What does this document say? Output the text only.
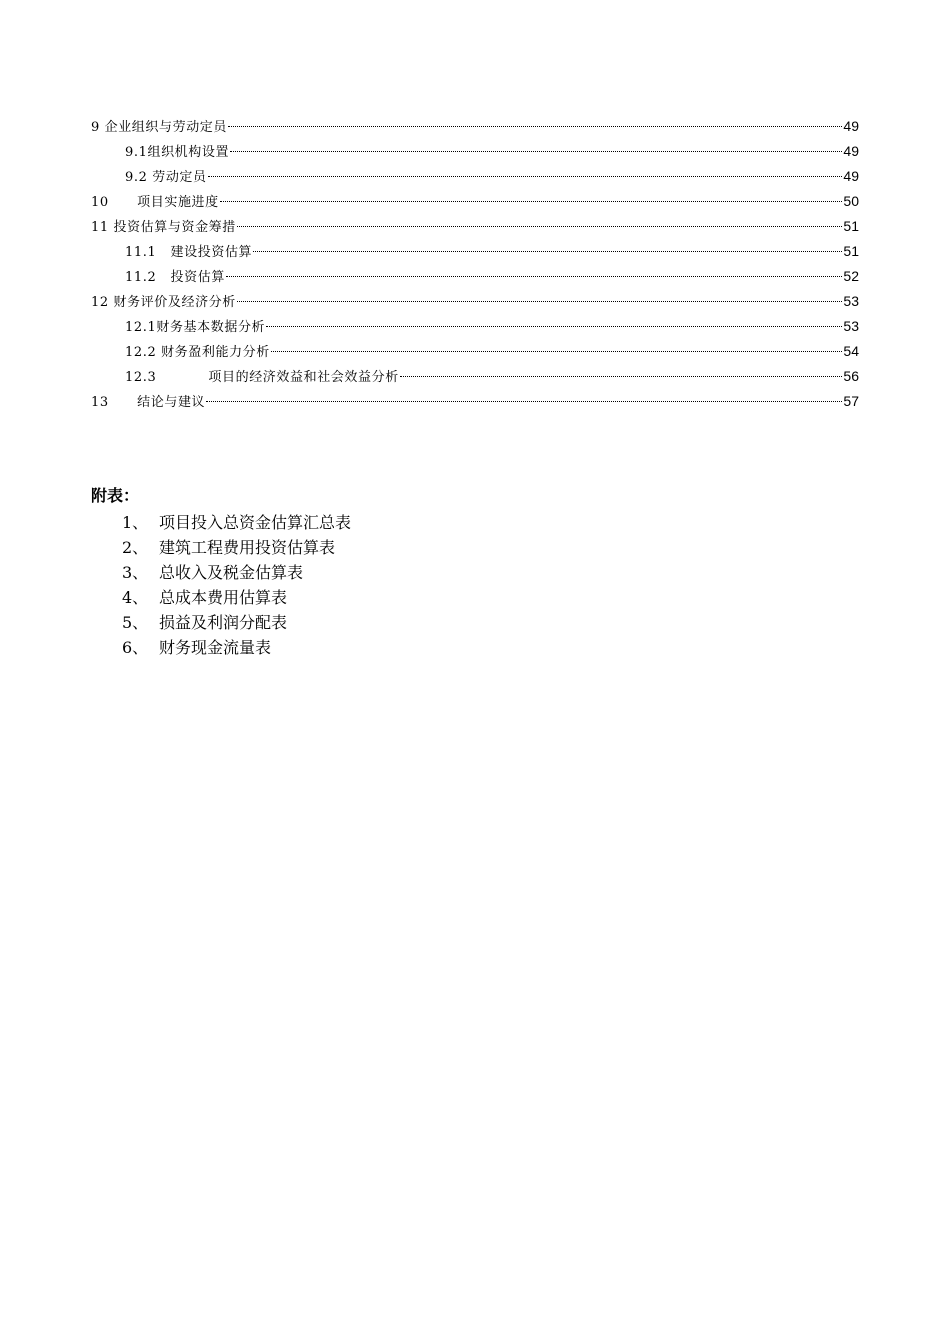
9 企业组织与劳动定员	49
9.1 组织机构设置	49
9.2 劳动定员	49
10 项目实施进度	50
11 投资估算与资金筹措	51
11.1 建设投资估算	51
11.2 投资估算	52
12 财务评价及经济分析	53
12.1 财务基本数据分析	53
12.2 财务盈利能力分析	54
12.3 项目的经济效益和社会效益分析	56
13 结论与建议	57
附表：
1、 项目投入总资金估算汇总表
2、 建筑工程费用投资估算表
3、 总收入及税金估算表
4、 总成本费用估算表
5、 损益及利润分配表
6、 财务现金流量表
